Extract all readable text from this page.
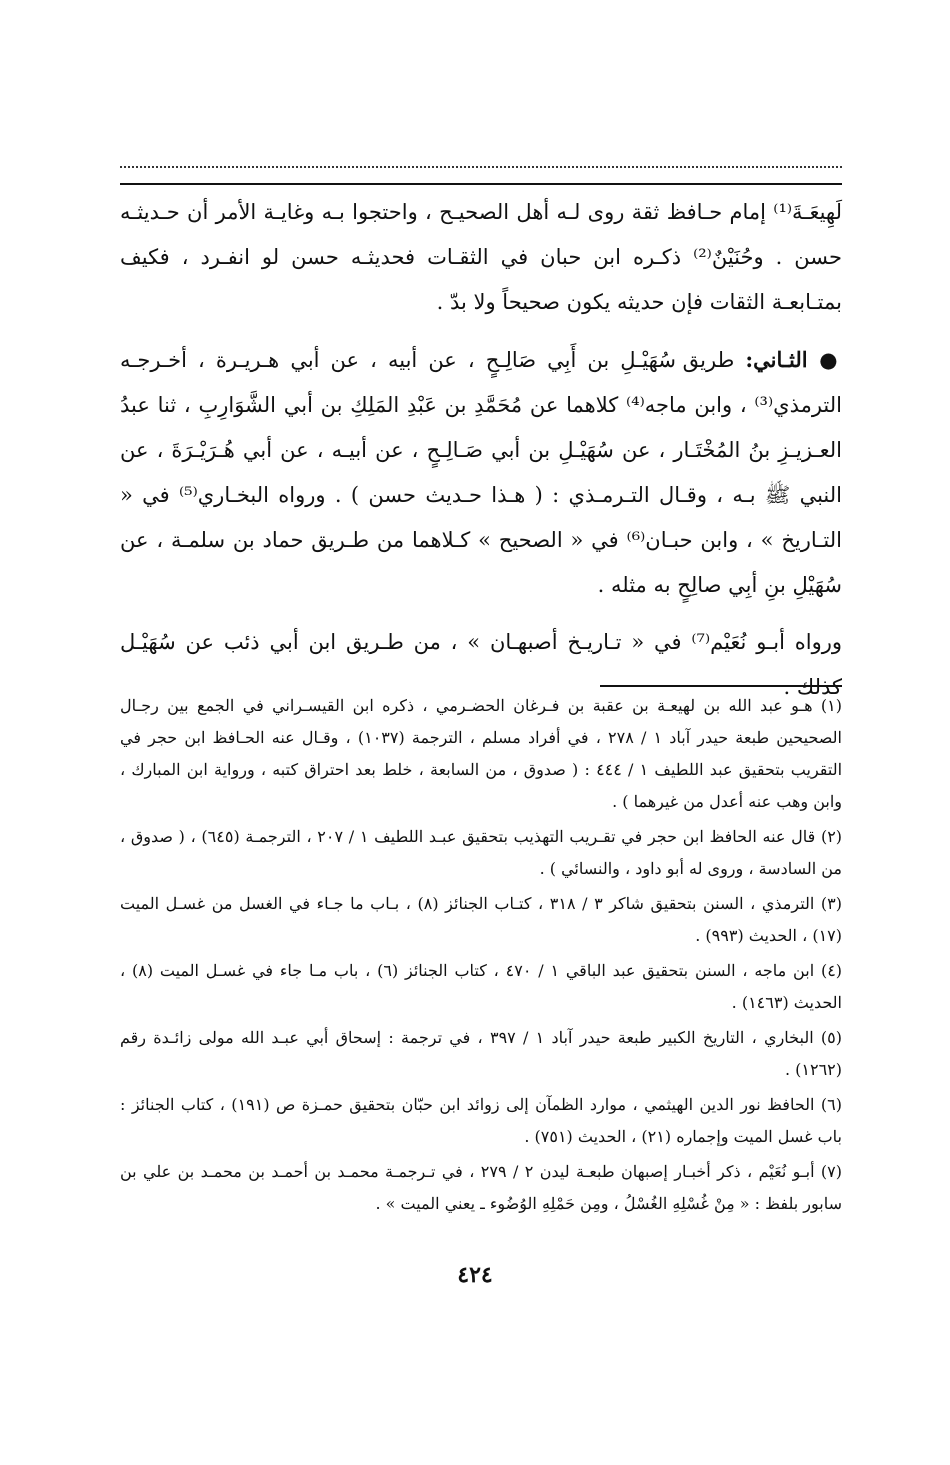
لَهِيعَـةَ⁽¹⁾ إمام حـافظ ثقة روى لـه أهل الصحيـح ، واحتجوا بـه وغايـة الأمر أن حـديثـه حسن . وحُنَيْنٌ⁽²⁾ ذكـره ابن حبان في الثقـات فحديثـه حسن لو انفـرد ، فكيف بمتـابعـة الثقات فإن حديثه يكون صحيحاً ولا بدّ .

● الثـاني: طريق سُهَيْـلِ بن أَبِي صَالِـحٍ ، عن أبيه ، عن أبي هـريـرة ، أخـرجـه الترمذي⁽³⁾ ، وابن ماجه⁽⁴⁾ كلاهما عن مُحَمَّدِ بن عَبْدِ المَلِكِ بن أبي الشَّوَارِبِ ، ثنا عبدُ العـزيـزِ بنُ المُخْتَـار ، عن سُهَيْـلِ بن أبي صَـالِـحٍ ، عن أبيـه ، عن أبي هُـرَيْـرَةَ ، عن النبي ﷺ بـه ، وقـال التـرمـذي : ( هـذا حـديث حسن ) . ورواه البخـاري⁽⁵⁾ في « التـاريخ » ، وابن حبـان⁽⁶⁾ في « الصحيح » كـلاهما من طـريق حماد بن سلمـة ، عن سُهَيْلِ بنِ أبِي صالِحٍ به مثله .

ورواه أبـو نُعَيْم⁽⁷⁾ في « تـاريـخ أصبهـان » ، من طـريق ابن أبي ذئب عن سُهَيْـل كذلك .

(١) هـو عبد الله بن لهيعـة بن عقبة بن فـرغان الحضـرمي ، ذكره ابن القيسـراني في الجمع بين رجـال الصحيحين طبعة حيدر آباد ١ / ٢٧٨ ، في أفراد مسلم ، الترجمة (١٠٣٧) ، وقـال عنه الحـافظ ابن حجر في التقريب بتحقيق عبد اللطيف ١ / ٤٤٤ : ( صدوق ، من السابعة ، خلط بعد احتراق كتبه ، ورواية ابن المبارك ، وابن وهب عنه أعدل من غيرهما ) .

(٢) قال عنه الحافظ ابن حجر في تقـريب التهذيب بتحقيق عبـد اللطيف ١ / ٢٠٧ ، الترجمـة (٦٤٥) ، ( صدوق ، من السادسة ، وروى له أبو داود ، والنسائي ) .

(٣) الترمذي ، السنن بتحقيق شاكر ٣ / ٣١٨ ، كتـاب الجنائز (٨) ، بـاب ما جـاء في الغسل من غسـل الميت (١٧) ، الحديث (٩٩٣) .

(٤) ابن ماجه ، السنن بتحقيق عبد الباقي ١ / ٤٧٠ ، كتاب الجنائز (٦) ، باب مـا جاء في غسـل الميت (٨) ، الحديث (١٤٦٣) .

(٥) البخاري ، التاريخ الكبير طبعة حيدر آباد ١ / ٣٩٧ ، في ترجمة : إسحاق أبي عبـد الله مولى زائـدة رقم (١٢٦٢) .

(٦) الحافظ نور الدين الهيثمي ، موارد الظمآن إلى زوائد ابن حبّان بتحقيق حمـزة ص (١٩١) ، كتاب الجنائز : باب غسل الميت وإجماره (٢١) ، الحديث (٧٥١) .

(٧) أبـو نُعَيْم ، ذكر أخبـار إصبهان طبعـة ليدن ٢ / ٢٧٩ ، في تـرجمـة محمـد بن أحمـد بن محمـد بن علي بن سابور بلفظ : « مِنْ غُسْلِهِ الغُسْلُ ، ومِن حَمْلِهِ الوُضُوء ـ يعني الميت » .

٤٢٤
